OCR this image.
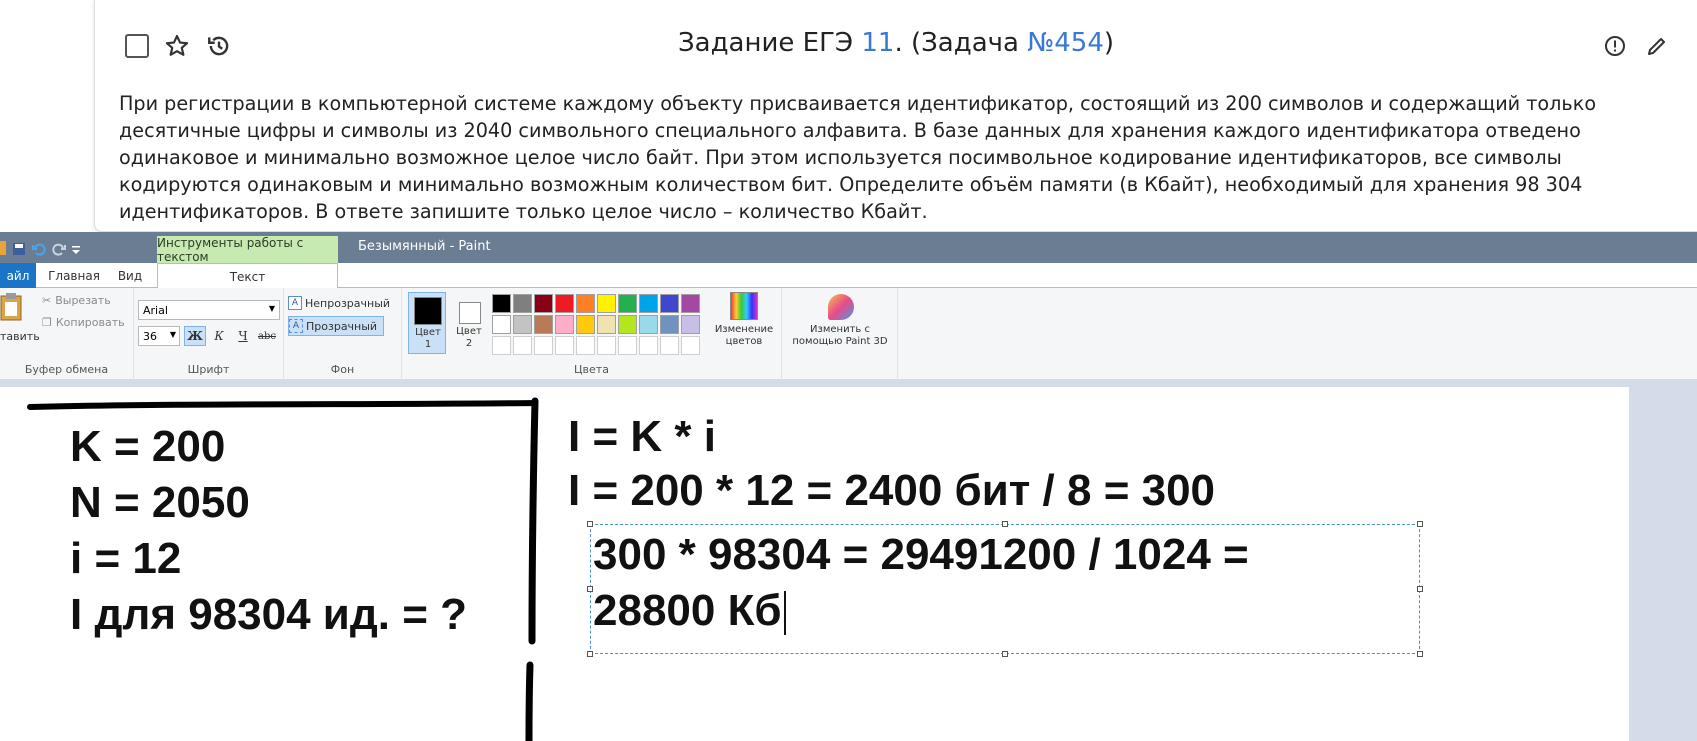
Задание ЕГЭ 11. (Задача №454)
При регистрации в компьютерной системе каждому объекту присваивается идентификатор, состоящий из 200 символов и содержащий только десятичные цифры и символы из 2040 символьного специального алфавита. В базе данных для хранения каждого идентификатора отведено одинаковое и минимально возможное целое число байт. При этом используется посимвольное кодирование идентификаторов, все символы кодируются одинаковым и минимально возможным количеством бит. Определите объём памяти (в Кбайт), необходимый для хранения 98 304 идентификаторов. В ответе запишите только целое число – количество Кбайт.
Инструменты работы с текстом
Безымянный - Paint
айл	Главная	Вид	Текст
тавить
✂ Вырезать
❐ Копировать
Буфер обмена
Arial	▼
36 ▼ Ж К	Ч	abc
Шрифт
A Непрозрачный
A Прозрачный
Фон
Цвет 1
Цвет 2
Изменение цветов
Цвета
Изменить с помощью Paint 3D
K = 200
N = 2050
i = 12
I для 98304 ид. = ?
I = K * i
I = 200 * 12 = 2400 бит / 8 = 300
300 * 98304 = 29491200 / 1024 =
28800 Кб
